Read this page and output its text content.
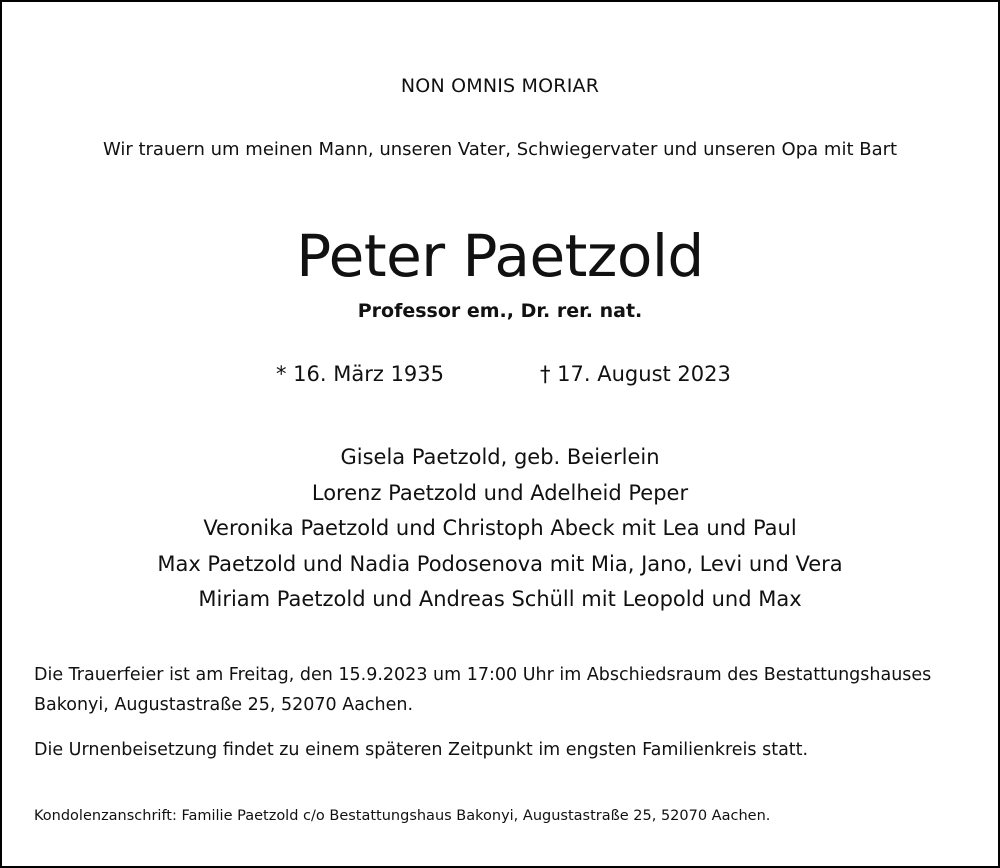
NON OMNIS MORIAR
Wir trauern um meinen Mann, unseren Vater, Schwiegervater und unseren Opa mit Bart
Peter Paetzold
Professor em., Dr. rer. nat.
* 16. März 1935	† 17. August 2023
Gisela Paetzold, geb. Beierlein
Lorenz Paetzold und Adelheid Peper
Veronika Paetzold und Christoph Abeck mit Lea und Paul
Max Paetzold und Nadia Podosenova mit Mia, Jano, Levi und Vera
Miriam Paetzold und Andreas Schüll mit Leopold und Max
Die Trauerfeier ist am Freitag, den 15.9.2023 um 17:00 Uhr im Abschiedsraum des Bestattungshauses Bakonyi, Augustastraße 25, 52070 Aachen.
Die Urnenbeisetzung findet zu einem späteren Zeitpunkt im engsten Familienkreis statt.
Kondolenzanschrift: Familie Paetzold c/o Bestattungshaus Bakonyi, Augustastraße 25, 52070 Aachen.
